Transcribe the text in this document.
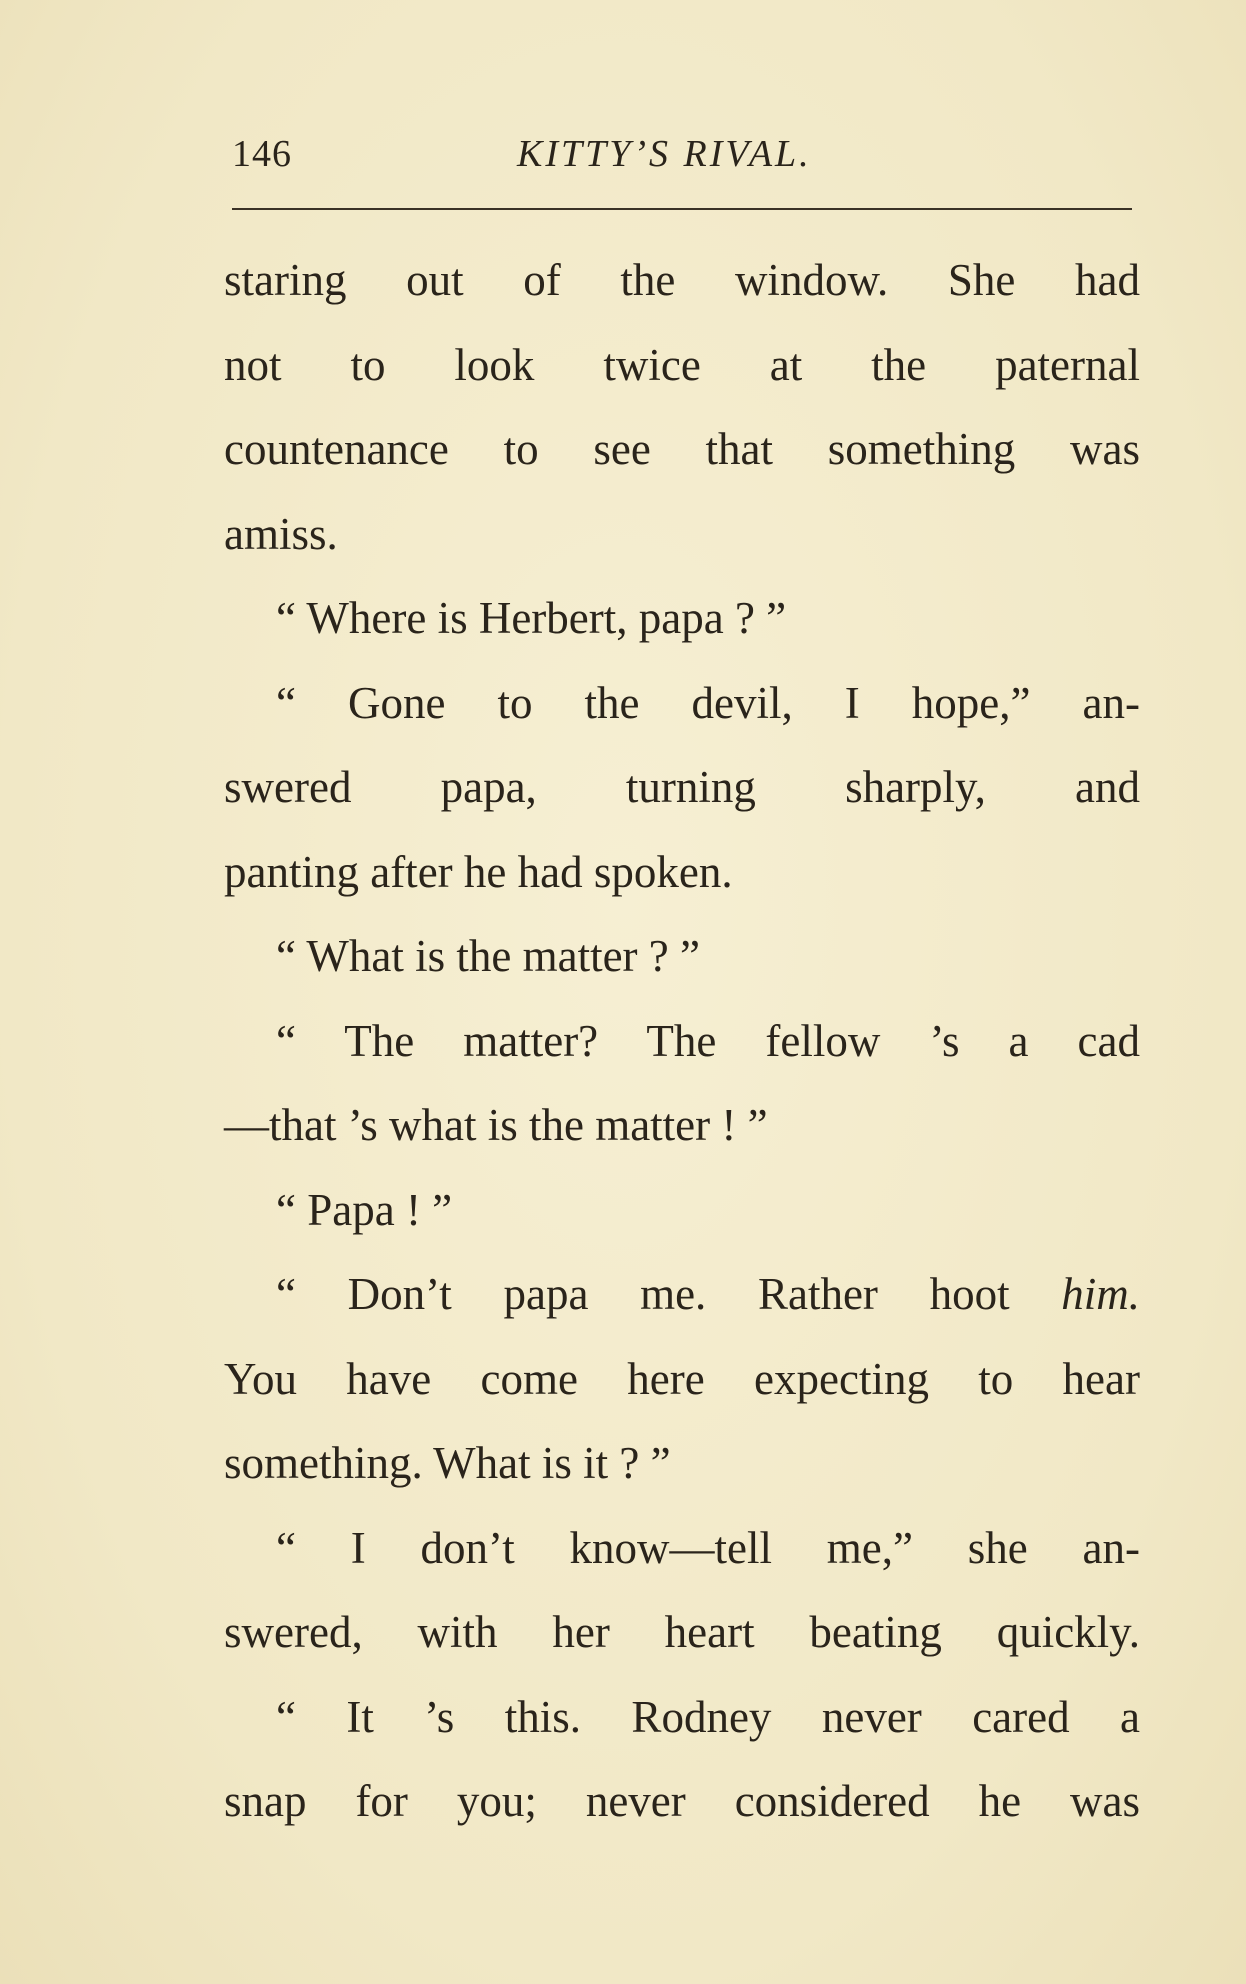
146	KITTY’S RIVAL.
staring out of the window. She had
not to look twice at the paternal
countenance to see that something was
amiss.
“ Where is Herbert, papa ? ”
“ Gone to the devil, I hope,” an-
swered papa, turning sharply, and
panting after he had spoken.
“ What is the matter ? ”
“ The matter? The fellow ’s a cad
—that ’s what is the matter ! ”
“ Papa ! ”
“ Don’t papa me. Rather hoot him.
You have come here expecting to hear
something. What is it ? ”
“ I don’t know—tell me,” she an-
swered, with her heart beating quickly.
“ It ’s this. Rodney never cared a
snap for you; never considered he was
